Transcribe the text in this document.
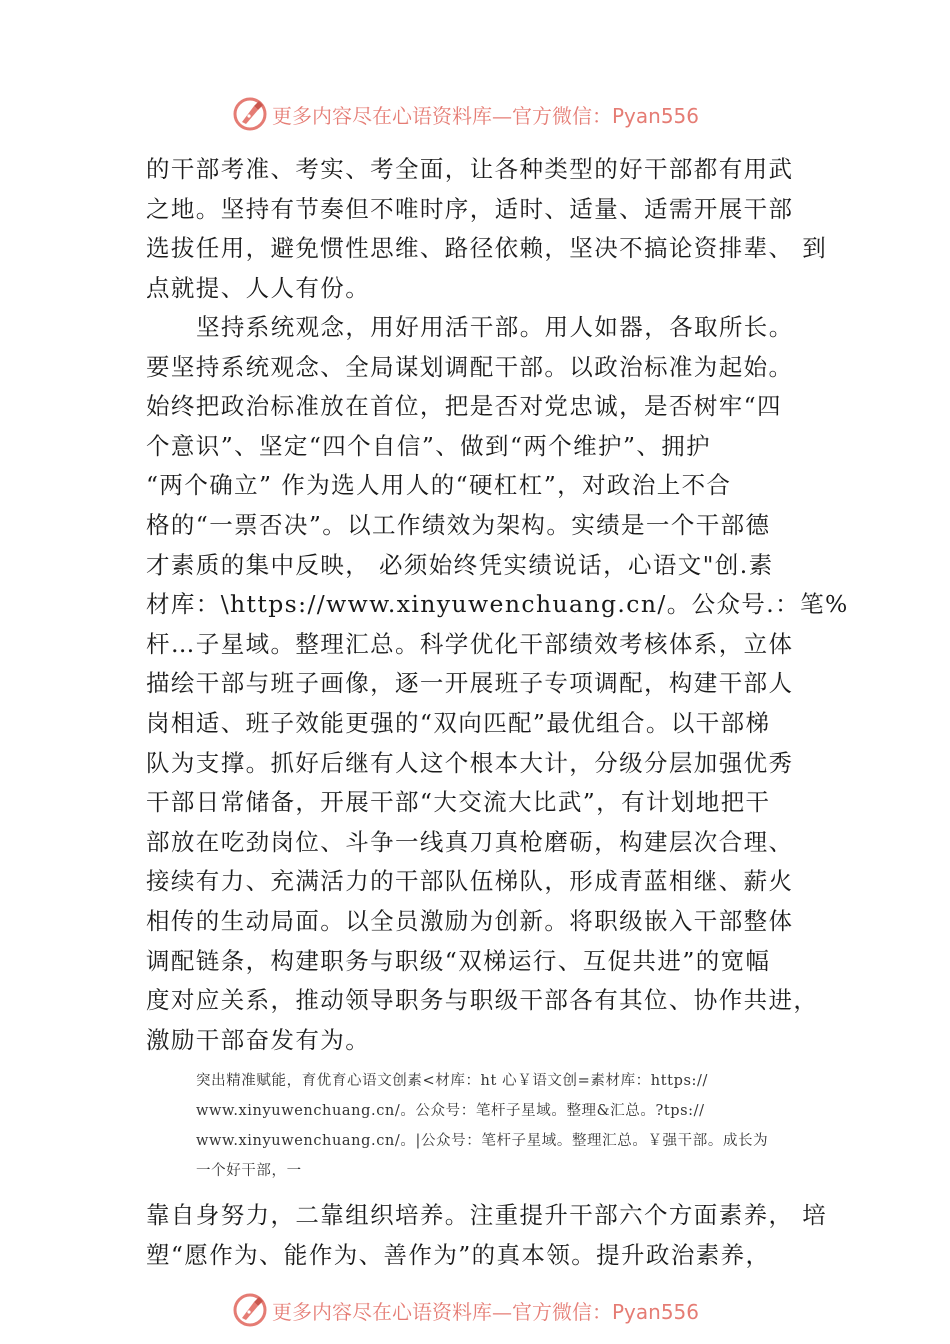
更多内容尽在心语资料库—官方微信：Pyan556
的干部考准、考实、考全面，让各种类型的好干部都有用武
之地。坚持有节奏但不唯时序，适时、适量、适需开展干部
选拔任用，避免惯性思维、路径依赖，坚决不搞论资排辈、 到
点就提、人人有份。
坚持系统观念，用好用活干部。用人如器，各取所长。
要坚持系统观念、全局谋划调配干部。以政治标准为起始。
始终把政治标准放在首位，把是否对党忠诚，是否树牢“四
个意识”、坚定“四个自信”、做到“两个维护”、拥护
“两个确立” 作为选人用人的“硬杠杠”，对政治上不合
格的“一票否决”。以工作绩效为架构。实绩是一个干部德
才素质的集中反映， 必须始终凭实绩说话，心语文"创.素
材库：\https://www.xinyuwenchuang.cn/。公众号.：笔%
杆…子星域。整理汇总。科学优化干部绩效考核体系，立体
描绘干部与班子画像，逐一开展班子专项调配，构建干部人
岗相适、班子效能更强的“双向匹配”最优组合。以干部梯
队为支撑。抓好后继有人这个根本大计，分级分层加强优秀
干部日常储备，开展干部“大交流大比武”，有计划地把干
部放在吃劲岗位、斗争一线真刀真枪磨砺，构建层次合理、
接续有力、充满活力的干部队伍梯队，形成青蓝相继、薪火
相传的生动局面。以全员激励为创新。将职级嵌入干部整体
调配链条，构建职务与职级“双梯运行、互促共进”的宽幅
度对应关系，推动领导职务与职级干部各有其位、协作共进，
激励干部奋发有为。
突出精准赋能，育优育心语文创素<材库：ht 心￥语文创=素材库：https://
www.xinyuwenchuang.cn/。公众号：笔杆子星域。整理&汇总。?tps://
www.xinyuwenchuang.cn/。|公众号：笔杆子星域。整理汇总。￥强干部。成长为
一个好干部，一
靠自身努力，二靠组织培养。注重提升干部六个方面素养， 培
塑“愿作为、能作为、善作为”的真本领。提升政治素养，
更多内容尽在心语资料库—官方微信：Pyan556
